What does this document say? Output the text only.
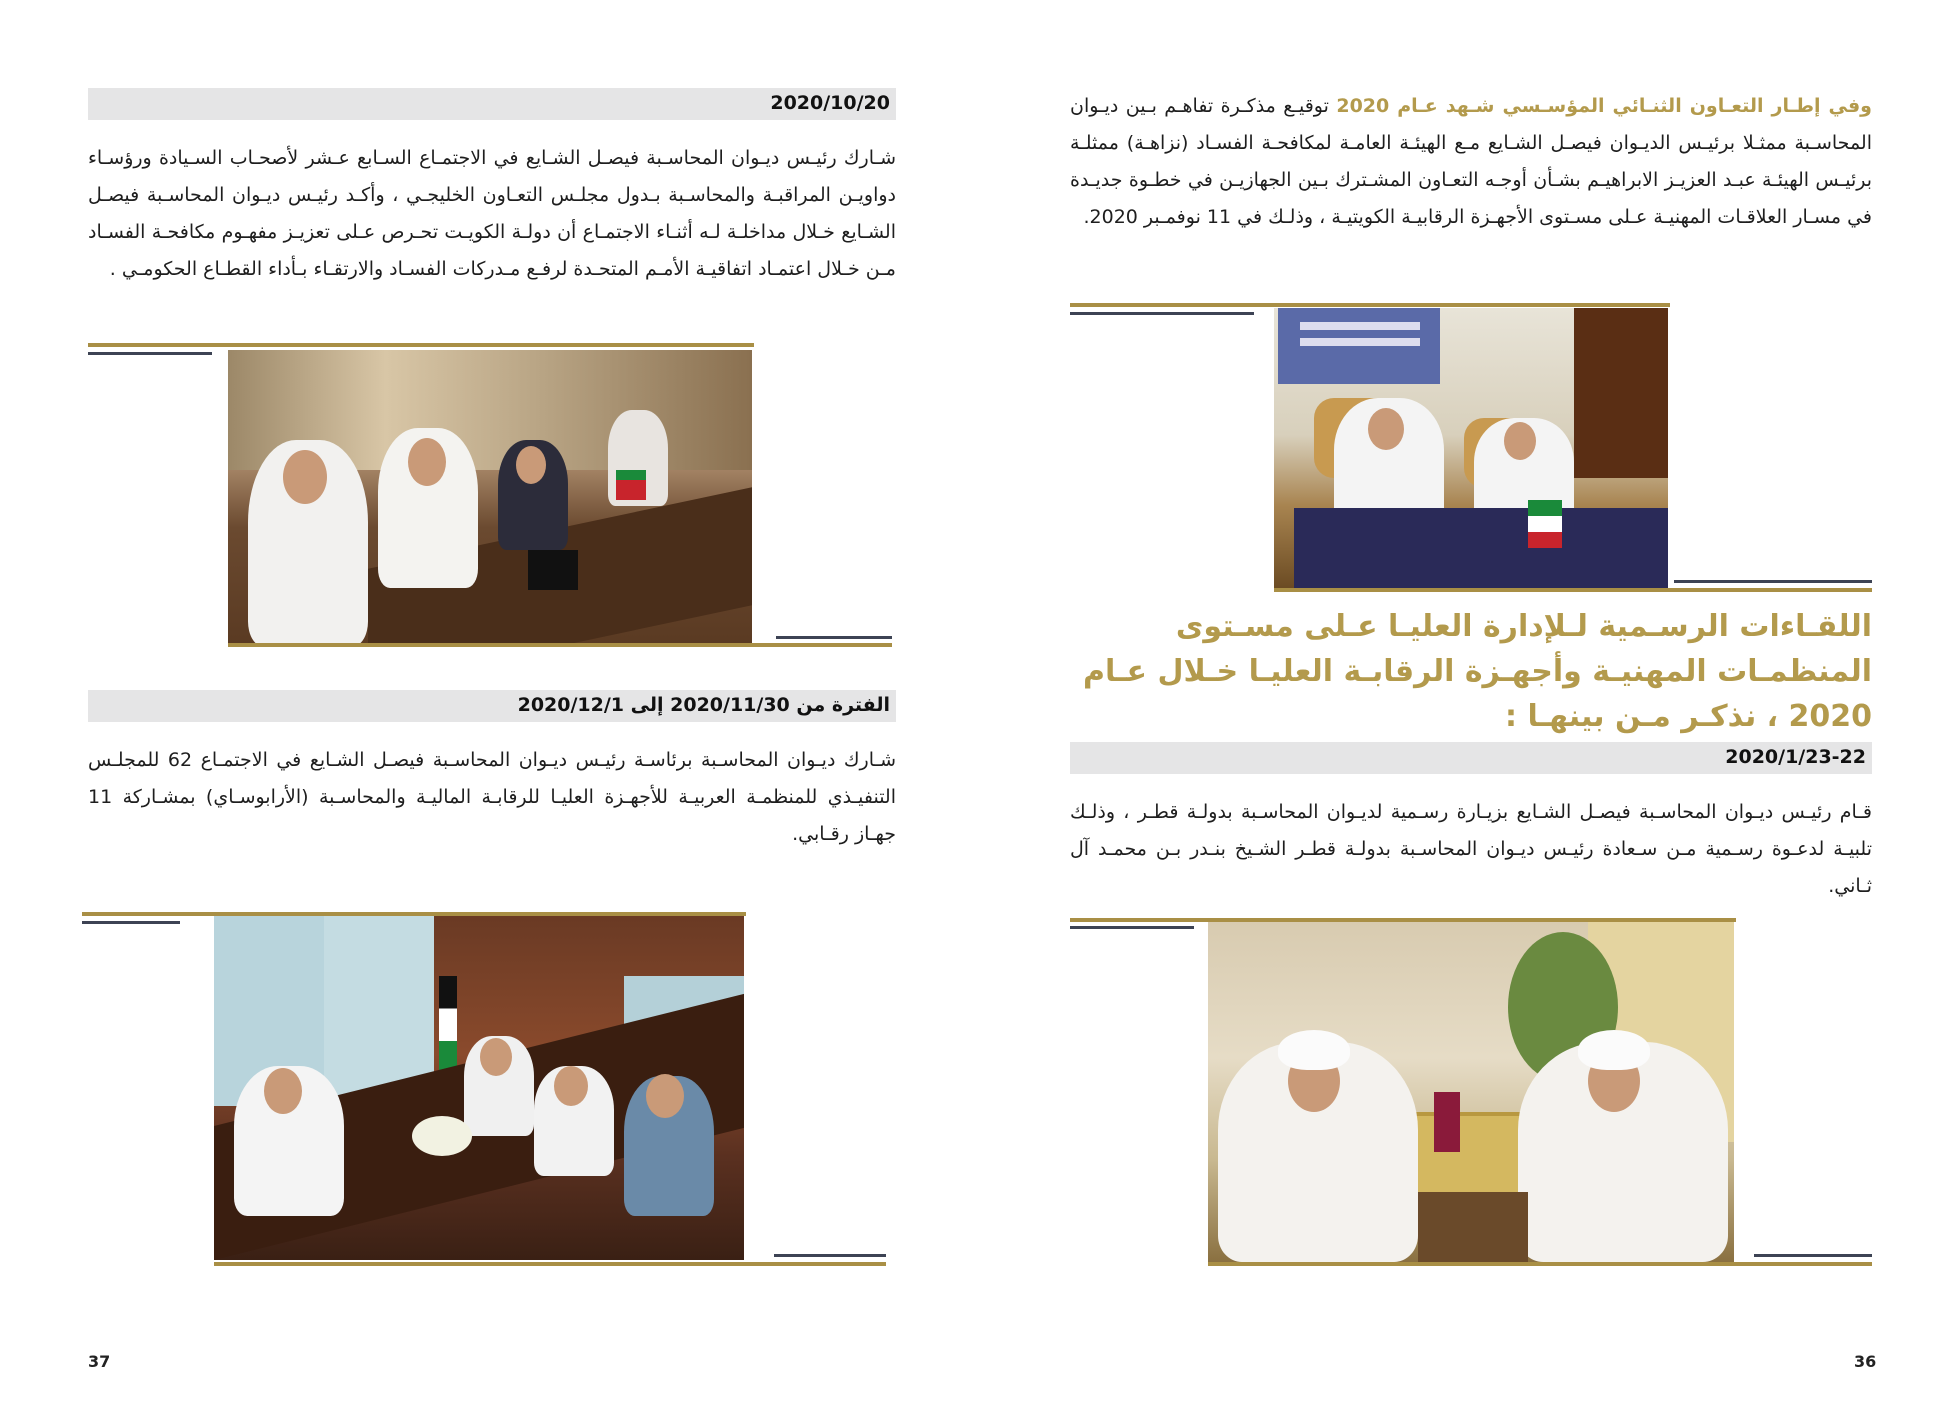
2020/10/20
شـارك رئيـس ديـوان المحاسـبة فيصـل الشـايع في الاجتمـاع السـابع عـشر لأصحـاب السـيادة ورؤسـاء دواويـن المراقبـة والمحاسـبة بـدول مجلـس التعـاون الخليجـي ، وأكـد رئيـس ديـوان المحاسـبة فيصـل الشـايع خـلال مداخلـة لـه أثنـاء الاجتمـاع أن دولـة الكويـت تحـرص عـلى تعزيـز مفهـوم مكافحـة الفسـاد مـن خـلال اعتمـاد اتفاقيـة الأمـم المتحـدة لرفـع مـدركات الفسـاد والارتقـاء بـأداء القطـاع الحكومـي .
الفترة من 2020/11/30 إلى 2020/12/1
شـارك ديـوان المحاسـبة برئاسـة رئيـس ديـوان المحاسـبة فيصـل الشـايع في الاجتمـاع 62 للمجلـس التنفيـذي للمنظمـة العربيـة للأجهـزة العليـا للرقابـة الماليـة والمحاسـبة (الأرابوسـاي) بمشـاركة 11 جهـاز رقـابي.
37
وفي إطـار التعـاون الثنـائي المؤسـسي شـهد عـام 2020 توقيـع مذكـرة تفاهـم بـين ديـوان المحاسـبة ممثـلا برئيـس الديـوان فيصـل الشـايع مـع الهيئـة العامـة لمكافحـة الفسـاد (نزاهـة) ممثلـة برئيـس الهيئـة عبـد العزيـز الابراهيـم بشـأن أوجـه التعـاون المشـترك بـين الجهازيـن في خطـوة جديـدة في مسـار العلاقـات المهنيـة عـلى مسـتوى الأجهـزة الرقابيـة الكويتيـة ، وذلـك في 11 نوفمـبر 2020.
اللقـاءات الرسـمية لـلإدارة العليـا عـلى مسـتوى المنظمـات المهنيـة وأجهـزة الرقابـة العليـا خـلال عـام 2020 ، نذكـر مـن بينهـا :
2020/1/23-22
قـام رئيـس ديـوان المحاسـبة فيصـل الشـايع بزيـارة رسـمية لديـوان المحاسـبة بدولـة قطـر ، وذلـك تلبيـة لدعـوة رسـمية مـن سـعادة رئيـس ديـوان المحاسـبة بدولـة قطـر الشـيخ بنـدر بـن محمـد آل ثـاني.
36
